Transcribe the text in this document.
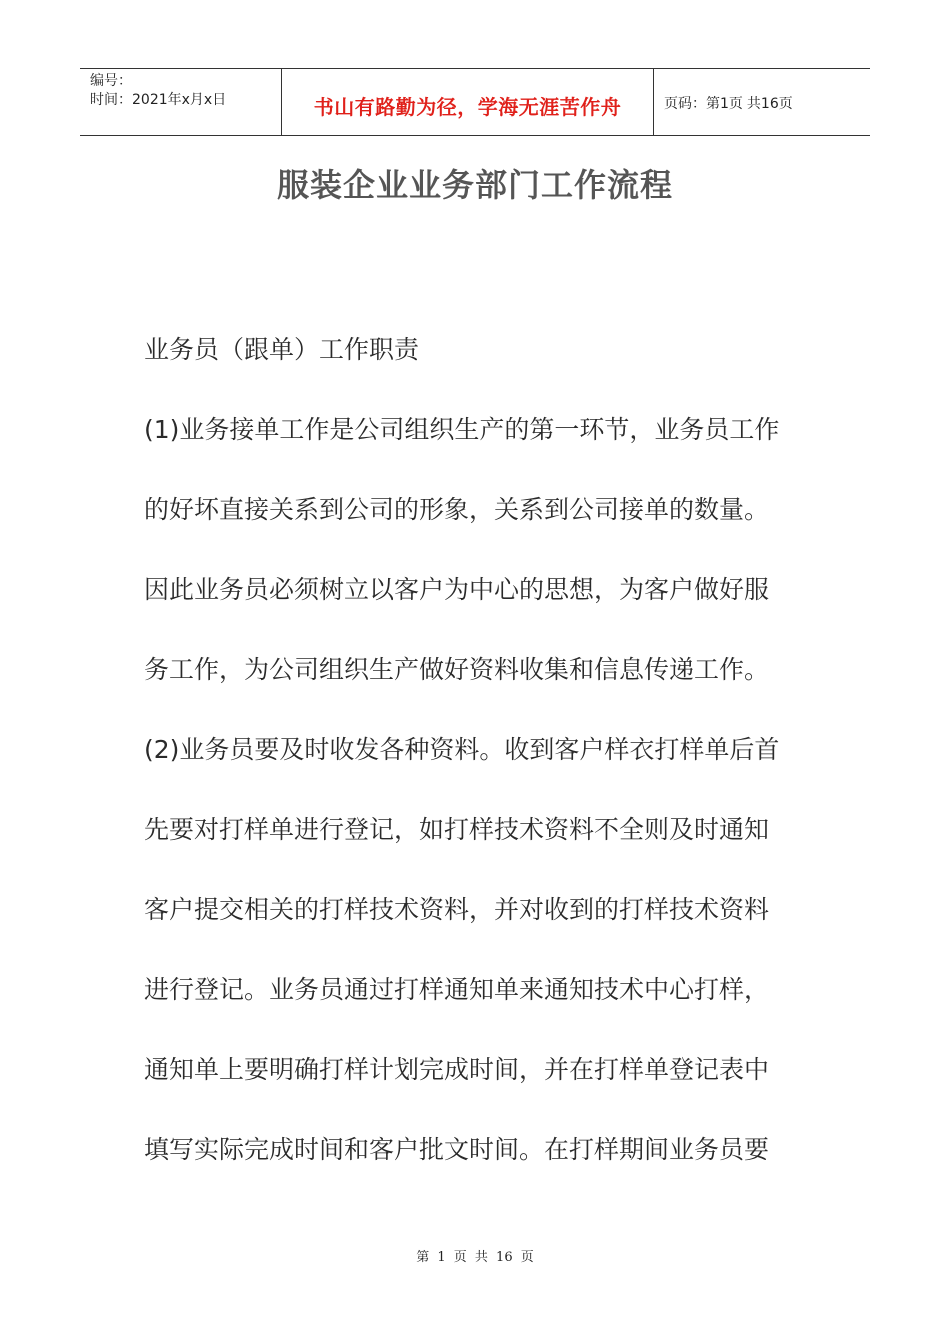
编号：
时间：2021年x月x日	书山有路勤为径，学海无涯苦作舟	页码：第1页 共16页
服装企业业务部门工作流程
业务员（跟单）工作职责
(1)业务接单工作是公司组织生产的第一环节，业务员工作
的好坏直接关系到公司的形象，关系到公司接单的数量。
因此业务员必须树立以客户为中心的思想，为客户做好服
务工作，为公司组织生产做好资料收集和信息传递工作。
(2)业务员要及时收发各种资料。收到客户样衣打样单后首
先要对打样单进行登记，如打样技术资料不全则及时通知
客户提交相关的打样技术资料，并对收到的打样技术资料
进行登记。业务员通过打样通知单来通知技术中心打样，
通知单上要明确打样计划完成时间，并在打样单登记表中
填写实际完成时间和客户批文时间。在打样期间业务员要
第 1 页 共 16 页
